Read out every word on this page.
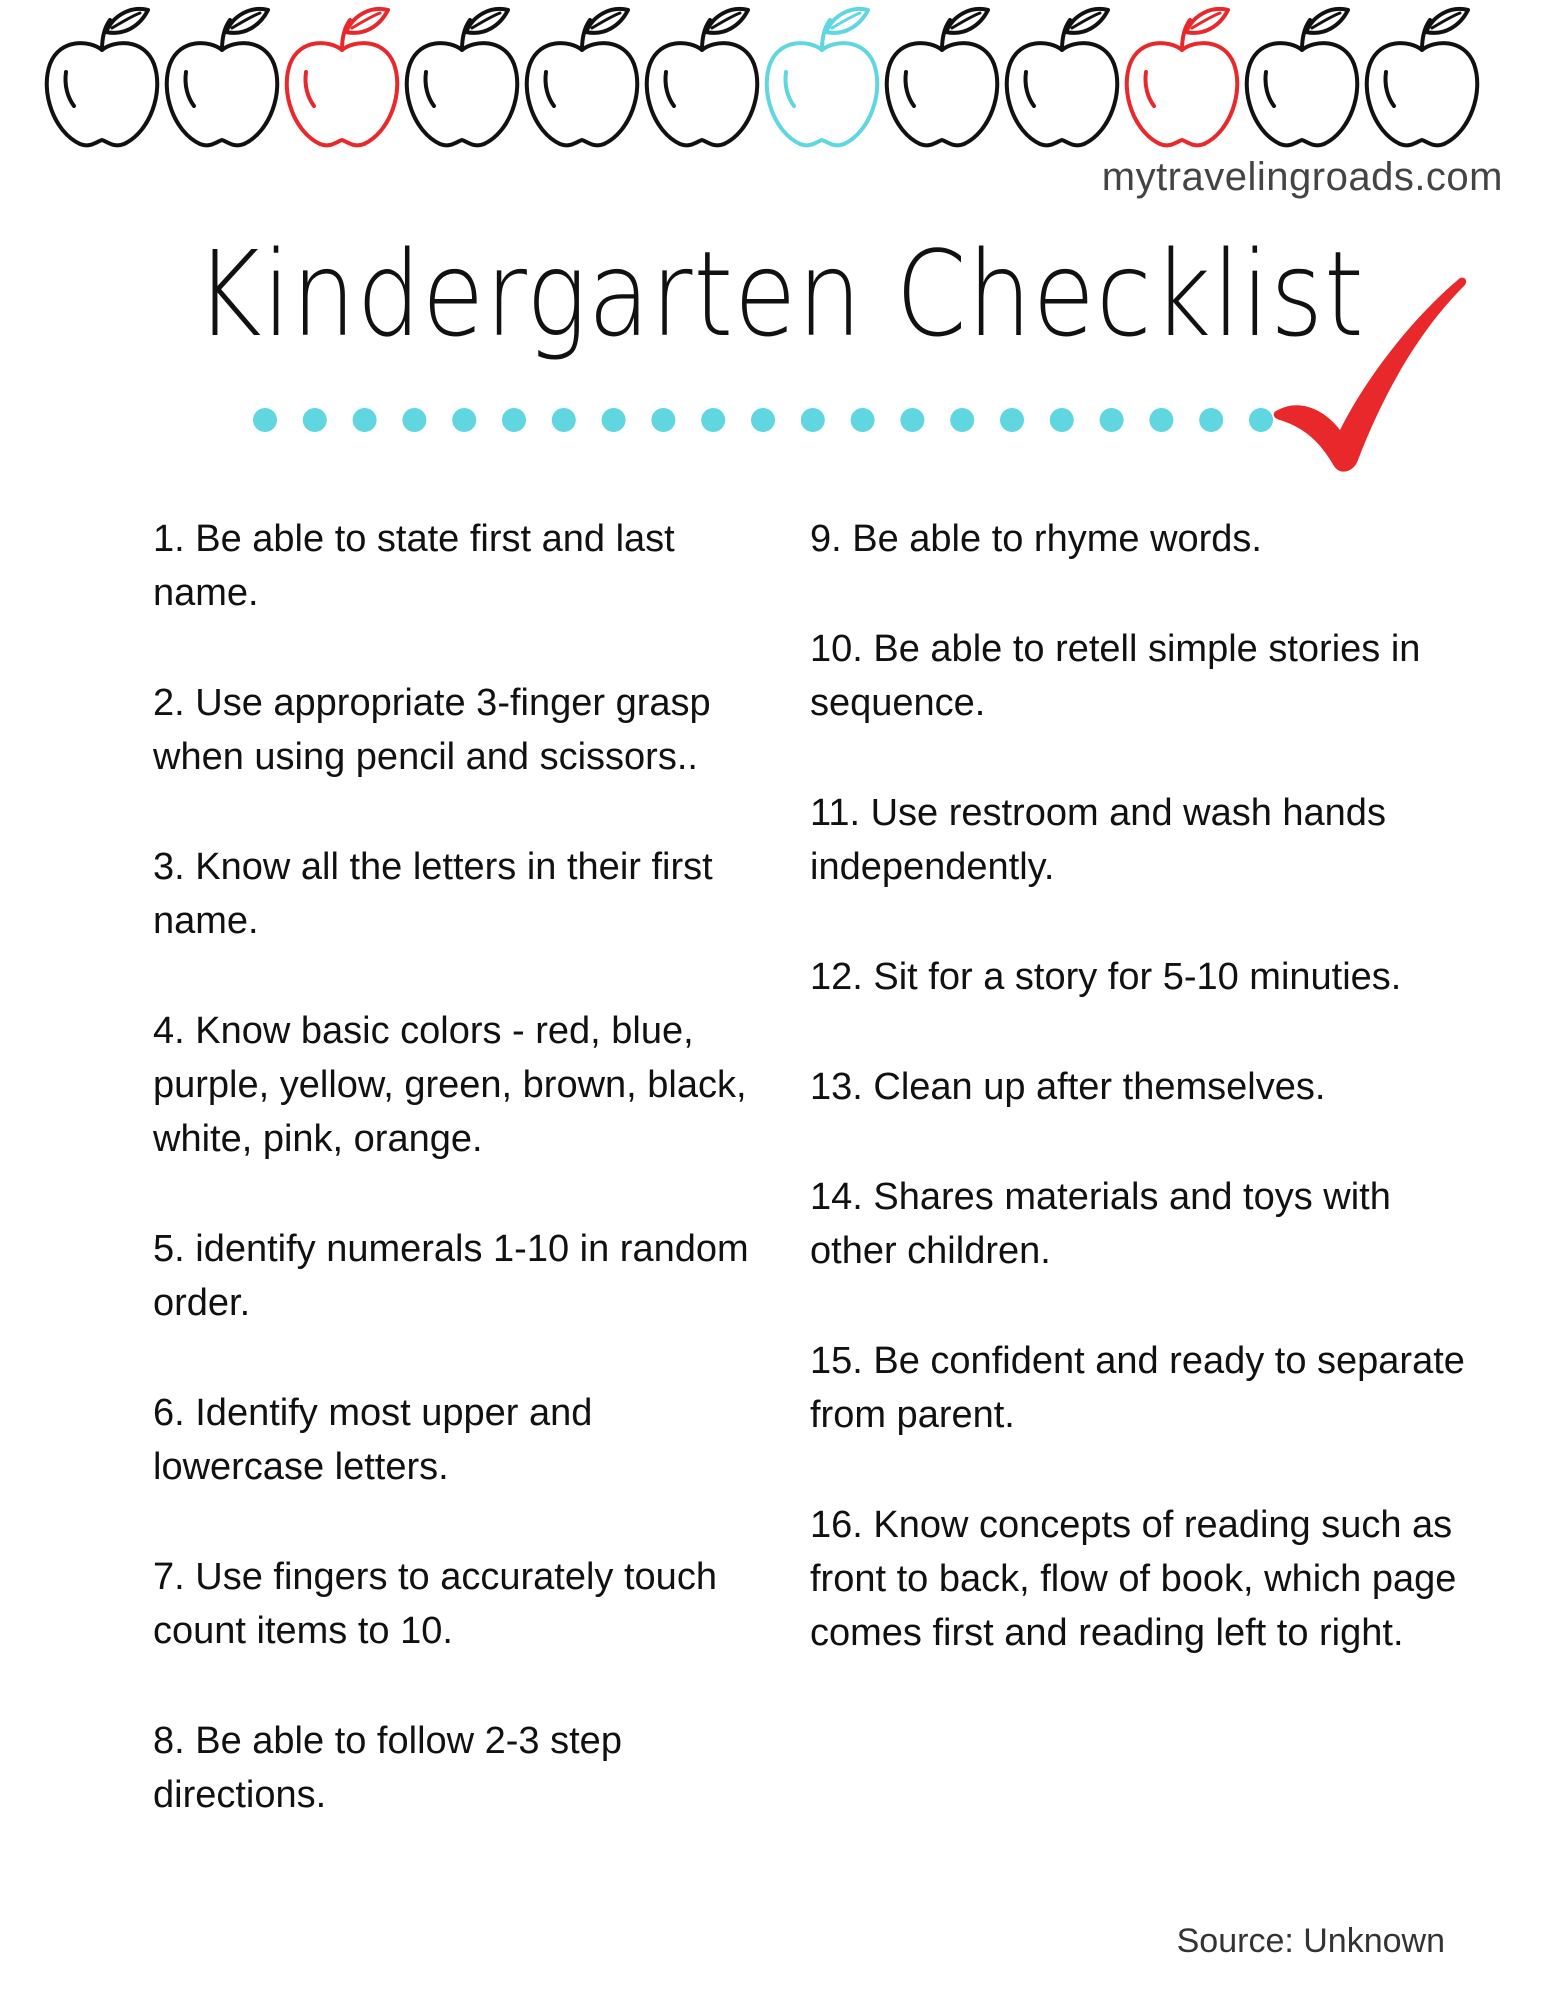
mytravelingroads.com
Kindergarten Checklist
1. Be able to state first and last name.
2. Use appropriate 3-finger grasp when using pencil and scissors..
3. Know all the letters in their first name.
4. Know basic colors - red, blue, purple, yellow, green, brown, black, white, pink, orange.
5. identify numerals 1-10 in random order.
6. Identify most upper and lowercase letters.
7. Use fingers to accurately touch count items to 10.
8. Be able to follow 2-3 step directions.
9. Be able to rhyme words.
10. Be able to retell simple stories in sequence.
11. Use restroom and wash hands independently.
12. Sit for a story for 5-10 minuties.
13. Clean up after themselves.
14. Shares materials and toys with other children.
15. Be confident and ready to separate from parent.
16. Know concepts of reading such as front to back, flow of book, which page comes first and reading left to right.
Source: Unknown
